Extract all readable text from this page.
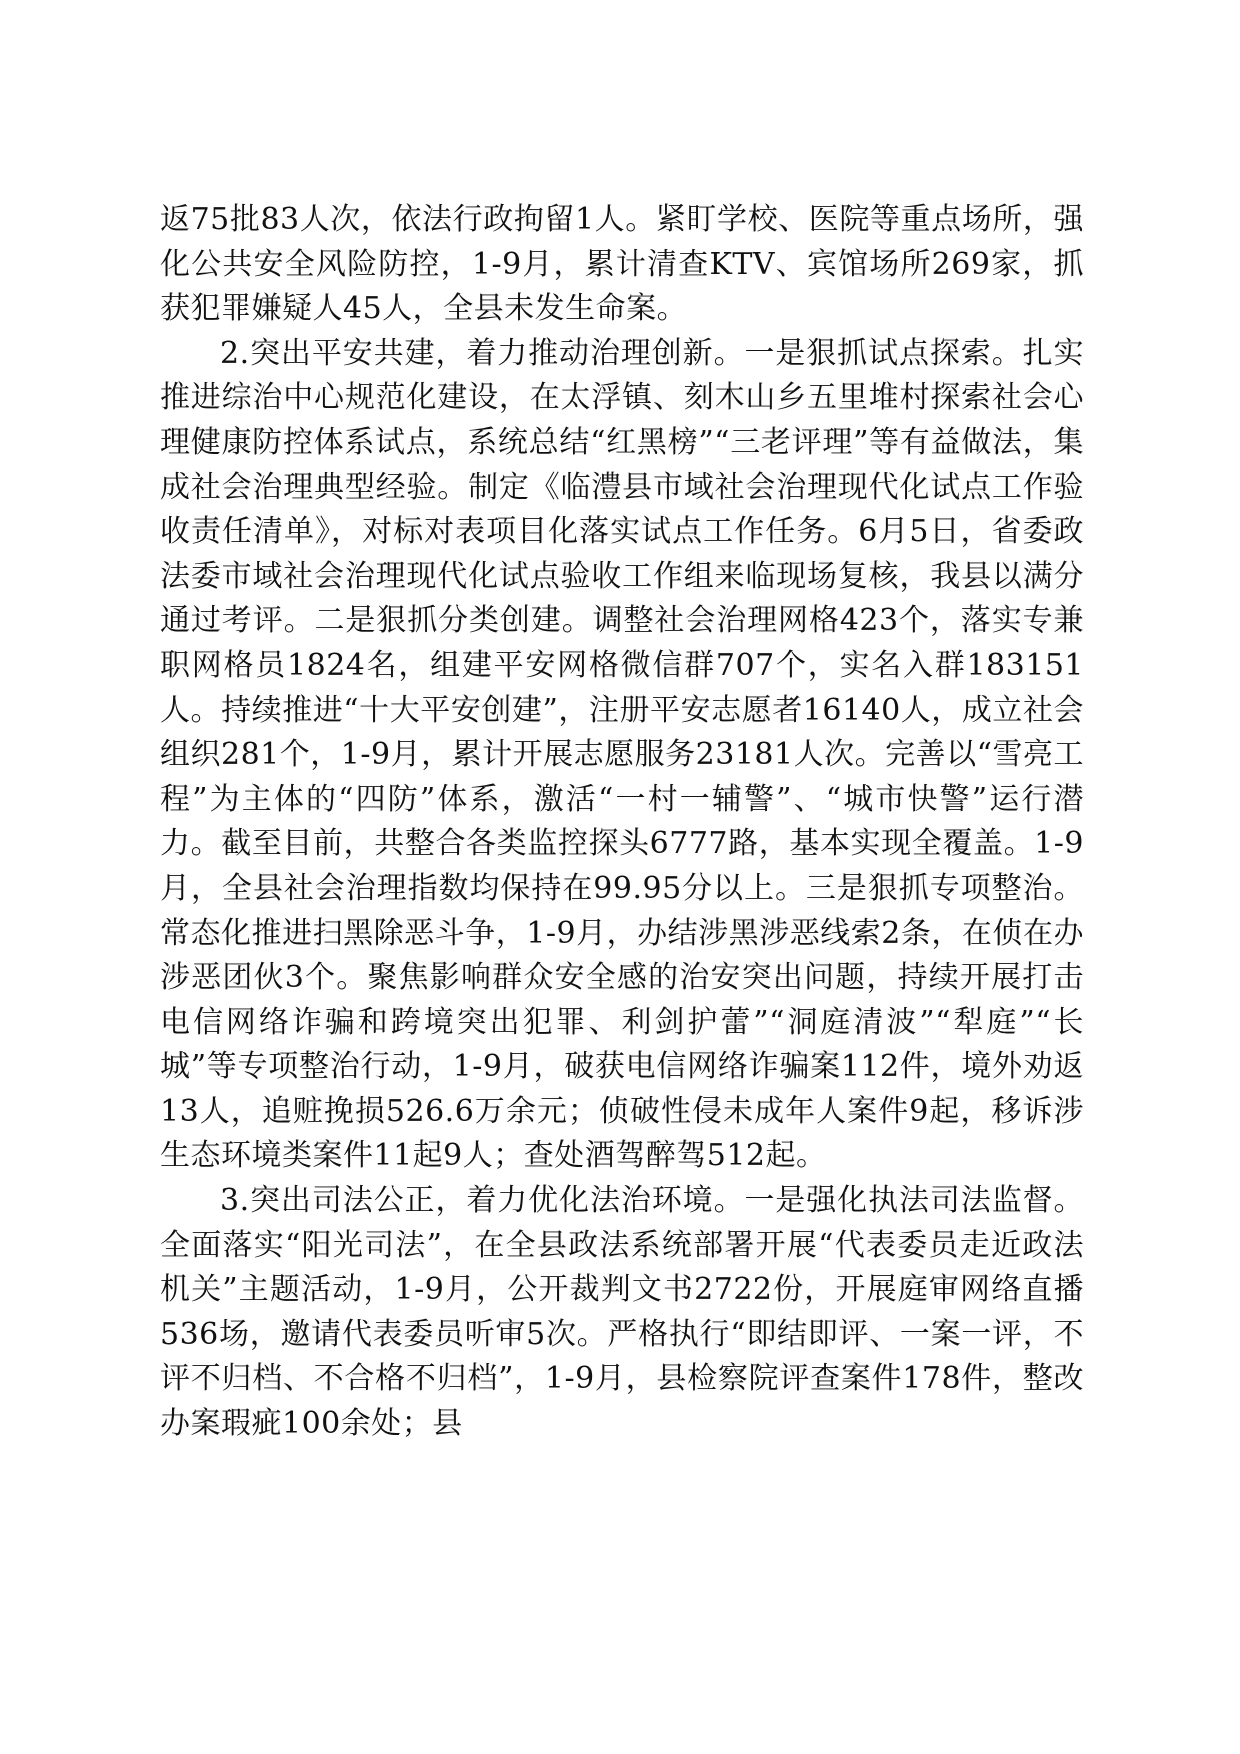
返75批83人次，依法行政拘留1人。紧盯学校、医院等重点场所，强化公共安全风险防控，1-9月，累计清查KTV、宾馆场所269家，抓获犯罪嫌疑人45人，全县未发生命案。

2.突出平安共建，着力推动治理创新。一是狠抓试点探索。扎实推进综治中心规范化建设，在太浮镇、刻木山乡五里堆村探索社会心理健康防控体系试点，系统总结“红黑榜”“三老评理”等有益做法，集成社会治理典型经验。制定《临澧县市域社会治理现代化试点工作验收责任清单》，对标对表项目化落实试点工作任务。6月5日，省委政法委市域社会治理现代化试点验收工作组来临现场复核，我县以满分通过考评。二是狠抓分类创建。调整社会治理网格423个，落实专兼职网格员1824名，组建平安网格微信群707个，实名入群183151人。持续推进“十大平安创建”，注册平安志愿者16140人，成立社会组织281个，1-9月，累计开展志愿服务23181人次。完善以“雪亮工程”为主体的“四防”体系，激活“一村一辅警”、“城市快警”运行潜力。截至目前，共整合各类监控探头6777路，基本实现全覆盖。1-9月，全县社会治理指数均保持在99.95分以上。三是狠抓专项整治。常态化推进扫黑除恶斗争，1-9月，办结涉黑涉恶线索2条，在侦在办涉恶团伙3个。聚焦影响群众安全感的治安突出问题，持续开展打击电信网络诈骗和跨境突出犯罪、利剑护蕾”“洞庭清波”“犁庭”“长城”等专项整治行动，1-9月，破获电信网络诈骗案112件，境外劝返13人，追赃挽损526.6万余元；侦破性侵未成年人案件9起，移诉涉生态环境类案件11起9人；查处酒驾醉驾512起。

3.突出司法公正，着力优化法治环境。一是强化执法司法监督。全面落实“阳光司法”，在全县政法系统部署开展“代表委员走近政法机关”主题活动，1-9月，公开裁判文书2722份，开展庭审网络直播536场，邀请代表委员听审5次。严格执行“即结即评、一案一评，不评不归档、不合格不归档”，1-9月，县检察院评查案件178件，整改办案瑕疵100余处；县
